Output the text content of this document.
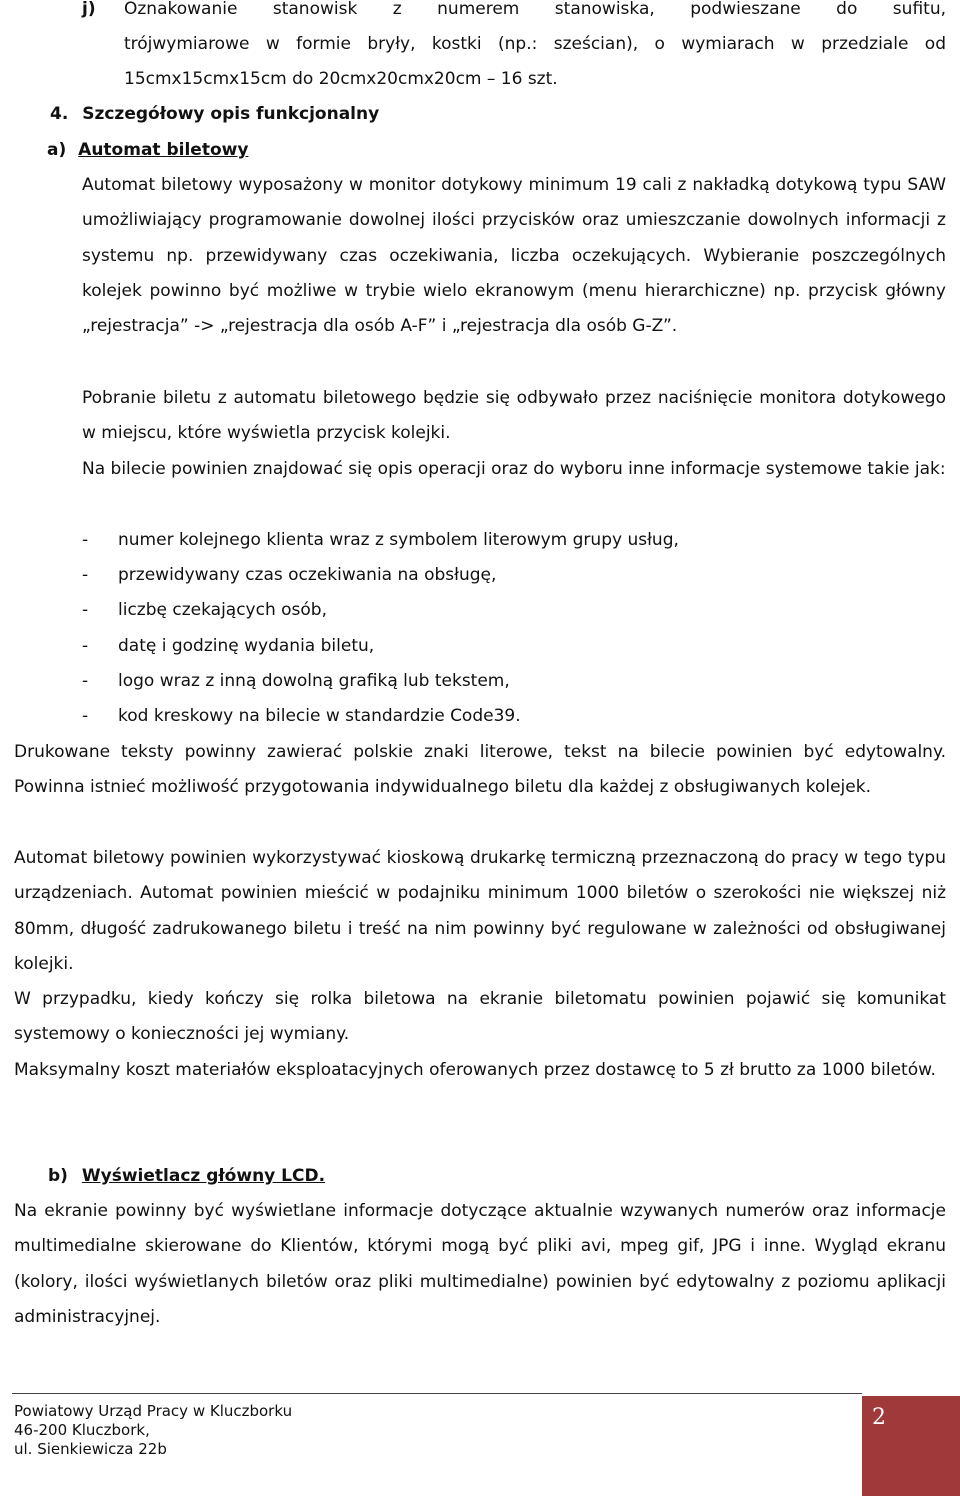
j) Oznakowanie stanowisk z numerem stanowiska, podwieszane do sufitu,
trójwymiarowe w formie bryły, kostki (np.: sześcian), o wymiarach w przedziale od
15cmx15cmx15cm do 20cmx20cmx20cm – 16 szt.
4. Szczegółowy opis funkcjonalny
a) Automat biletowy

Automat biletowy wyposażony w monitor dotykowy minimum 19 cali z nakładką dotykową typu SAW umożliwiający programowanie dowolnej ilości przycisków oraz umieszczanie dowolnych informacji z systemu np. przewidywany czas oczekiwania, liczba oczekujących. Wybieranie poszczególnych kolejek powinno być możliwe w trybie wielo ekranowym (menu hierarchiczne) np. przycisk główny „rejestracja” -> „rejestracja dla osób A-F” i „rejestracja dla osób G-Z”.

Pobranie biletu z automatu biletowego będzie się odbywało przez naciśnięcie monitora dotykowego w miejscu, które wyświetla przycisk kolejki.

Na bilecie powinien znajdować się opis operacji oraz do wyboru inne informacje systemowe takie jak:

- numer kolejnego klienta wraz z symbolem literowym grupy usług,
- przewidywany czas oczekiwania na obsługę,
- liczbę czekających osób,
- datę i godzinę wydania biletu,
- logo wraz z inną dowolną grafiką lub tekstem,
- kod kreskowy na bilecie w standardzie Code39.

Drukowane teksty powinny zawierać polskie znaki literowe, tekst na bilecie powinien być edytowalny. Powinna istnieć możliwość przygotowania indywidualnego biletu dla każdej z obsługiwanych kolejek.

Automat biletowy powinien wykorzystywać kioskową drukarkę termiczną przeznaczoną do pracy w tego typu urządzeniach. Automat powinien mieścić w podajniku minimum 1000 biletów o szerokości nie większej niż 80mm, długość zadrukowanego biletu i treść na nim powinny być regulowane w zależności od obsługiwanej kolejki.

W przypadku, kiedy kończy się rolka biletowa na ekranie biletomatu powinien pojawić się komunikat systemowy o konieczności jej wymiany.

Maksymalny koszt materiałów eksploatacyjnych oferowanych przez dostawcę to 5 zł brutto za 1000 biletów.

b) Wyświetlacz główny LCD.

Na ekranie powinny być wyświetlane informacje dotyczące aktualnie wzywanych numerów oraz informacje multimedialne skierowane do Klientów, którymi mogą być pliki avi, mpeg gif, JPG i inne. Wygląd ekranu (kolory, ilości wyświetlanych biletów oraz pliki multimedialne) powinien być edytowalny z poziomu aplikacji administracyjnej.

Powiatowy Urząd Pracy w Kluczborku
46-200 Kluczbork,
ul. Sienkiewicza 22b
2
